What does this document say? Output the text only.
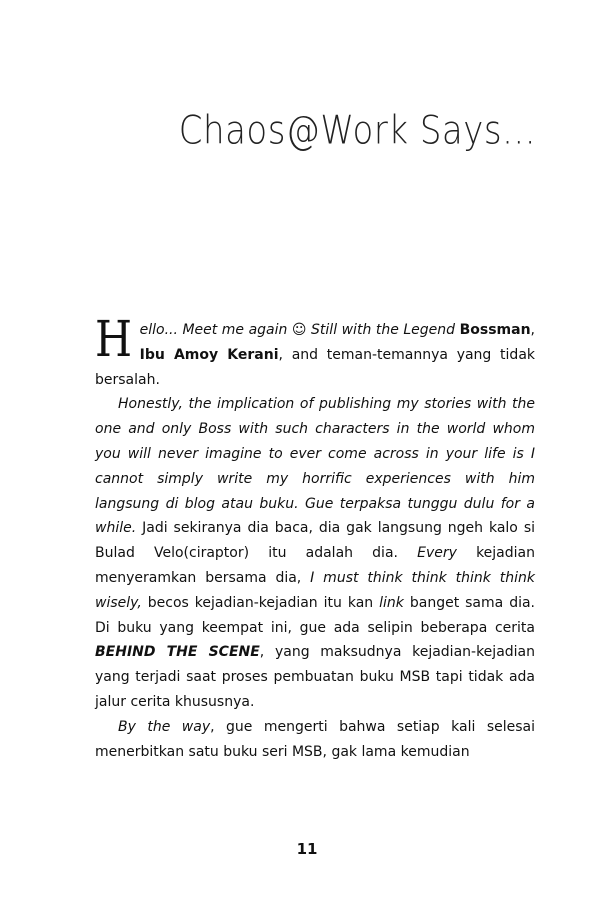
Chaos@Work Says...

Hello... Meet me again ☺ Still with the Legend Bossman, Ibu Amoy Kerani, and teman-temannya yang tidak bersalah.

Honestly, the implication of publishing my stories with the one and only Boss with such characters in the world whom you will never imagine to ever come across in your life is I cannot simply write my horrific experiences with him langsung di blog atau buku. Gue terpaksa tunggu dulu for a while. Jadi sekiranya dia baca, dia gak langsung ngeh kalo si Bulad Velo(ciraptor) itu adalah dia. Every kejadian menyeramkan bersama dia, I must think think think think wisely, becos kejadian-kejadian itu kan link banget sama dia. Di buku yang keempat ini, gue ada selipin beberapa cerita BEHIND THE SCENE, yang maksudnya kejadian-kejadian yang terjadi saat proses pembuatan buku MSB tapi tidak ada jalur cerita khususnya.

By the way, gue mengerti bahwa setiap kali selesai menerbitkan satu buku seri MSB, gak lama kemudian

11
